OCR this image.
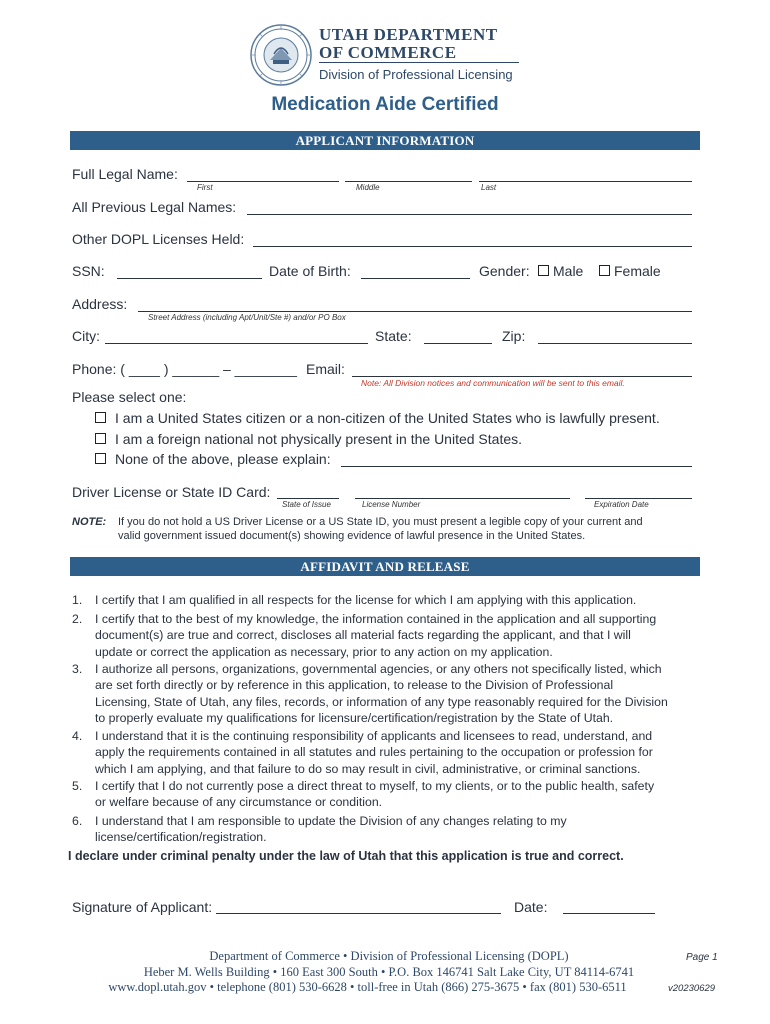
UTAH DEPARTMENT
OF COMMERCE
Division of Professional Licensing
Medication Aide Certified
APPLICANT INFORMATION
Full Legal Name:
First	Middle	Last
All Previous Legal Names:
Other DOPL Licenses Held:
SSN:	Date of Birth:	Gender: Male Female
Address:
Street Address (including Apt/Unit/Ste #) and/or PO Box
City:	State:	Zip:
Phone: ( ____ ) ______ – ________ Email:
Note: All Division notices and communication will be sent to this email.
Please select one:
I am a United States citizen or a non-citizen of the United States who is lawfully present.
I am a foreign national not physically present in the United States.
None of the above, please explain:
Driver License or State ID Card:
State of Issue	License Number	Expiration Date
NOTE: If you do not hold a US Driver License or a US State ID, you must present a legible copy of your current and
valid government issued document(s) showing evidence of lawful presence in the United States.
AFFIDAVIT AND RELEASE
1. I certify that I am qualified in all respects for the license for which I am applying with this application.
2. I certify that to the best of my knowledge, the information contained in the application and all supporting
document(s) are true and correct, discloses all material facts regarding the applicant, and that I will
update or correct the application as necessary, prior to any action on my application.
3. I authorize all persons, organizations, governmental agencies, or any others not specifically listed, which
are set forth directly or by reference in this application, to release to the Division of Professional
Licensing, State of Utah, any files, records, or information of any type reasonably required for the Division
to properly evaluate my qualifications for licensure/certification/registration by the State of Utah.
4. I understand that it is the continuing responsibility of applicants and licensees to read, understand, and
apply the requirements contained in all statutes and rules pertaining to the occupation or profession for
which I am applying, and that failure to do so may result in civil, administrative, or criminal sanctions.
5. I certify that I do not currently pose a direct threat to myself, to my clients, or to the public health, safety
or welfare because of any circumstance or condition.
6. I understand that I am responsible to update the Division of any changes relating to my
license/certification/registration.
I declare under criminal penalty under the law of Utah that this application is true and correct.
Signature of Applicant:	Date:
Department of Commerce • Division of Professional Licensing (DOPL)
Heber M. Wells Building • 160 East 300 South • P.O. Box 146741 Salt Lake City, UT 84114-6741
www.dopl.utah.gov • telephone (801) 530-6628 • toll-free in Utah (866) 275-3675 • fax (801) 530-6511
Page 1
v20230629
